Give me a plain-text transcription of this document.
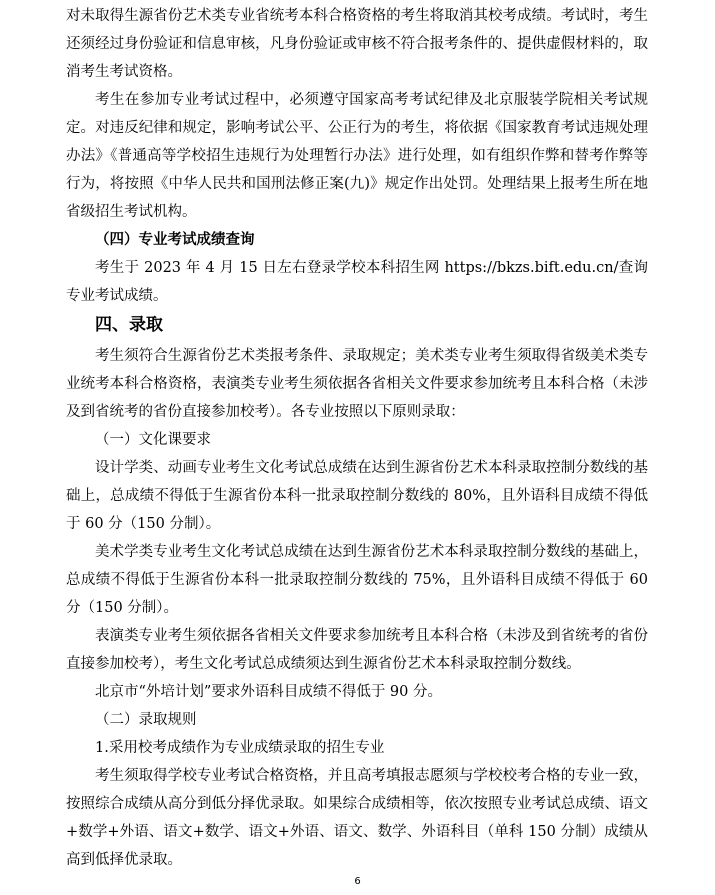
对未取得生源省份艺术类专业省统考本科合格资格的考生将取消其校考成绩。考试时，考生还须经过身份验证和信息审核，凡身份验证或审核不符合报考条件的、提供虚假材料的，取消考生考试资格。

考生在参加专业考试过程中，必须遵守国家高考考试纪律及北京服装学院相关考试规定。对违反纪律和规定，影响考试公平、公正行为的考生，将依据《国家教育考试违规处理办法》《普通高等学校招生违规行为处理暂行办法》进行处理，如有组织作弊和替考作弊等行为，将按照《中华人民共和国刑法修正案(九)》规定作出处罚。处理结果上报考生所在地省级招生考试机构。

（四）专业考试成绩查询

考生于 2023 年 4 月 15 日左右登录学校本科招生网 https://bkzs.bift.edu.cn/查询专业考试成绩。

四、录取

考生须符合生源省份艺术类报考条件、录取规定；美术类专业考生须取得省级美术类专业统考本科合格资格，表演类专业考生须依据各省相关文件要求参加统考且本科合格（未涉及到省统考的省份直接参加校考）。各专业按照以下原则录取：

（一）文化课要求

设计学类、动画专业考生文化考试总成绩在达到生源省份艺术本科录取控制分数线的基础上，总成绩不得低于生源省份本科一批录取控制分数线的 80%，且外语科目成绩不得低于 60 分（150 分制）。

美术学类专业考生文化考试总成绩在达到生源省份艺术本科录取控制分数线的基础上，总成绩不得低于生源省份本科一批录取控制分数线的 75%，且外语科目成绩不得低于 60 分（150 分制）。

表演类专业考生须依据各省相关文件要求参加统考且本科合格（未涉及到省统考的省份直接参加校考），考生文化考试总成绩须达到生源省份艺术本科录取控制分数线。

北京市“外培计划”要求外语科目成绩不得低于 90 分。

（二）录取规则

1.采用校考成绩作为专业成绩录取的招生专业

考生须取得学校专业考试合格资格，并且高考填报志愿须与学校校考合格的专业一致，按照综合成绩从高分到低分择优录取。如果综合成绩相等，依次按照专业考试总成绩、语文+数学+外语、语文+数学、语文+外语、语文、数学、外语科目（单科 150 分制）成绩从高到低择优录取。

6
